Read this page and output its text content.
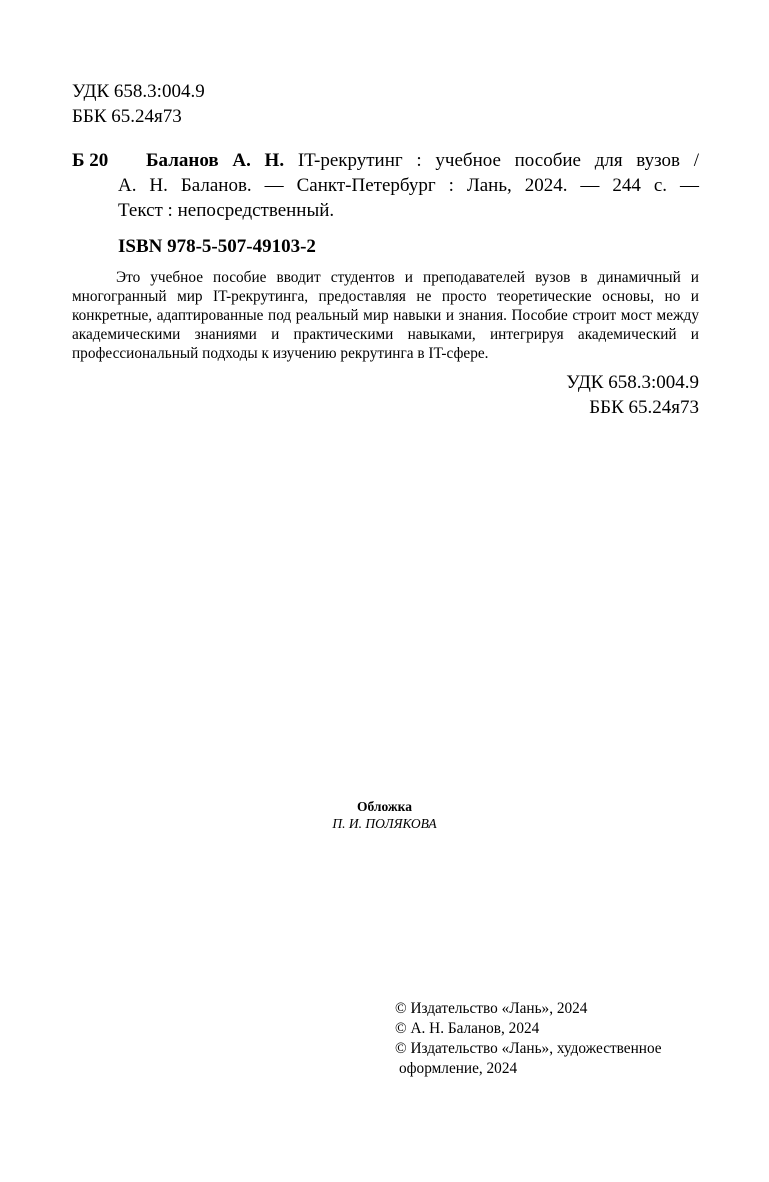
УДК 658.3:004.9
ББК 65.24я73
Б 20	Баланов А. Н. IT-рекрутинг : учебное пособие для вузов /
А. Н. Баланов. — Санкт-Петербург : Лань, 2024. — 244 с. —
Текст : непосредственный.
ISBN 978-5-507-49103-2

Это учебное пособие вводит студентов и преподавателей вузов в динамичный и многогранный мир IT-рекрутинга, предоставляя не просто теоретические основы, но и конкретные, адаптированные под реальный мир навыки и знания. Пособие строит мост между академическими знаниями и практическими навыками, интегрируя академический и профессиональный подходы к изучению рекрутинга в IT-сфере.

УДК 658.3:004.9
ББК 65.24я73
Обложка
П. И. ПОЛЯКОВА
© Издательство «Лань», 2024
© А. Н. Баланов, 2024
© Издательство «Лань», художественное
оформление, 2024
